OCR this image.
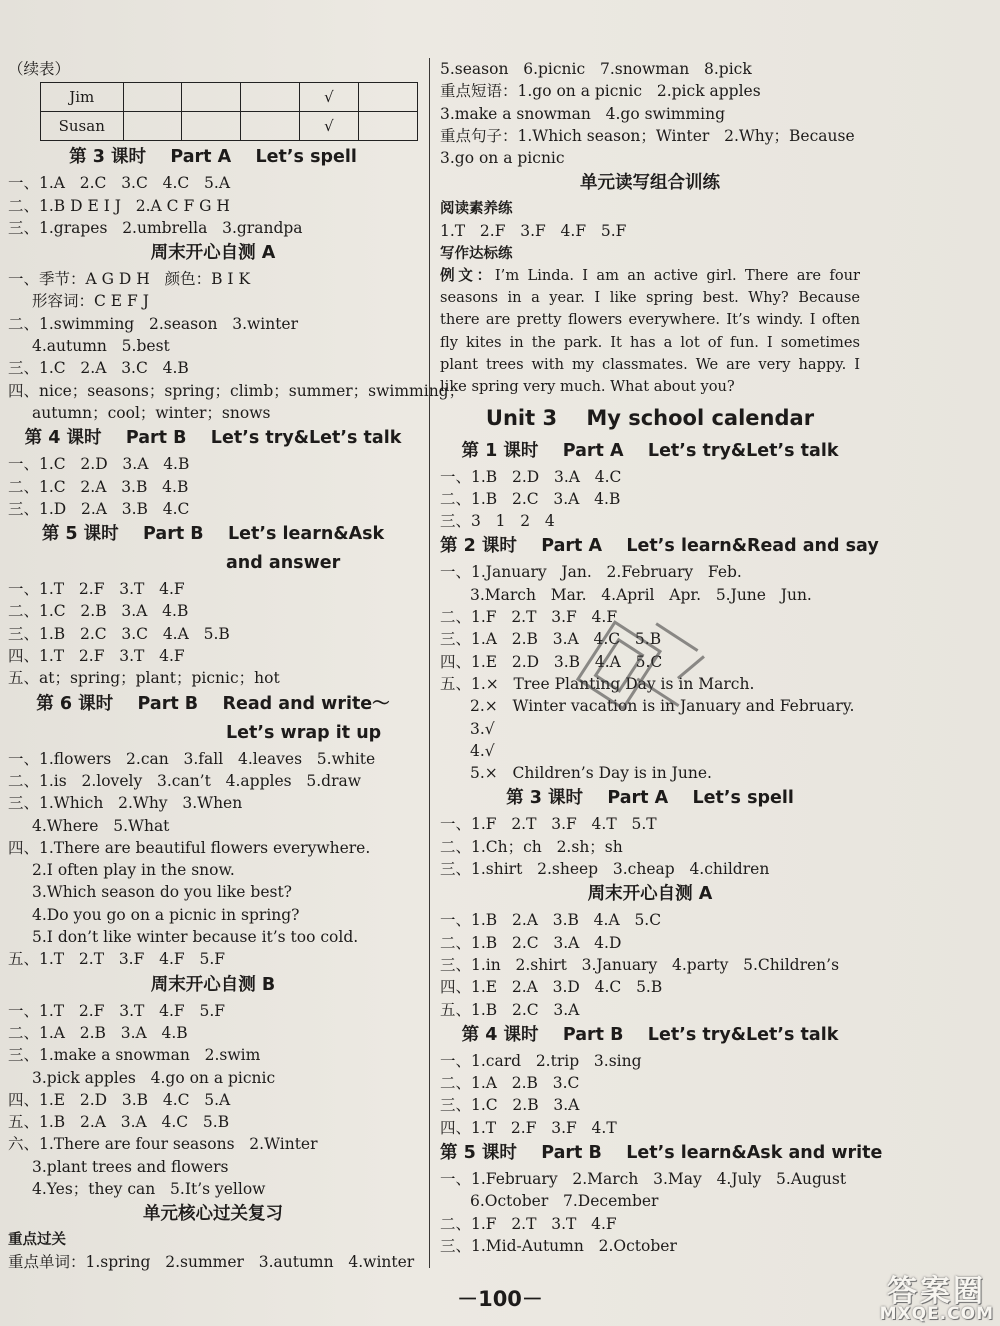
（续表）
Jim				√	
Susan				√	
第 3 课时    Part A    Let’s spell
一、1.A   2.C   3.C   4.C   5.A
二、1.B D E I J   2.A C F G H
三、1.grapes   2.umbrella   3.grandpa
周末开心自测 A
一、季节：A G D H   颜色：B I K
形容词：C E F J
二、1.swimming   2.season   3.winter
4.autumn   5.best
三、1.C   2.A   3.C   4.B
四、nice；seasons；spring；climb；summer；swimming；
autumn；cool；winter；snows
第 4 课时    Part B    Let’s try&Let’s talk
一、1.C   2.D   3.A   4.B
二、1.C   2.A   3.B   4.B
三、1.D   2.A   3.B   4.C
第 5 课时    Part B    Let’s learn&Ask
and answer
一、1.T   2.F   3.T   4.F
二、1.C   2.B   3.A   4.B
三、1.B   2.C   3.C   4.A   5.B
四、1.T   2.F   3.T   4.F
五、at；spring；plant；picnic；hot
第 6 课时    Part B    Read and write～
Let’s wrap it up
一、1.flowers   2.can   3.fall   4.leaves   5.white
二、1.is   2.lovely   3.can’t   4.apples   5.draw
三、1.Which   2.Why   3.When
4.Where   5.What
四、1.There are beautiful flowers everywhere.
2.I often play in the snow.
3.Which season do you like best?
4.Do you go on a picnic in spring?
5.I don’t like winter because it’s too cold.
五、1.T   2.T   3.F   4.F   5.F
周末开心自测 B
一、1.T   2.F   3.T   4.F   5.F
二、1.A   2.B   3.A   4.B
三、1.make a snowman   2.swim
3.pick apples   4.go on a picnic
四、1.E   2.D   3.B   4.C   5.A
五、1.B   2.A   3.A   4.C   5.B
六、1.There are four seasons   2.Winter
3.plant trees and flowers
4.Yes；they can   5.It’s yellow
单元核心过关复习
重点过关
重点单词：1.spring   2.summer   3.autumn   4.winter
5.season   6.picnic   7.snowman   8.pick
重点短语：1.go on a picnic   2.pick apples
3.make a snowman   4.go swimming
重点句子：1.Which season；Winter   2.Why；Because
3.go on a picnic
单元读写组合训练
阅读素养练
1.T   2.F   3.F   4.F   5.F
写作达标练
例文：I’m Linda. I am an active girl. There are four seasons in a year. I like spring best. Why? Because there are pretty flowers everywhere. It’s windy. I often fly kites in the park. It has a lot of fun. I sometimes plant trees with my classmates. We are very happy. I like spring very much. What about you?
Unit 3    My school calendar
第 1 课时    Part A    Let’s try&Let’s talk
一、1.B   2.D   3.A   4.C
二、1.B   2.C   3.A   4.B
三、3   1   2   4
第 2 课时    Part A    Let’s learn&Read and say
一、1.January   Jan.   2.February   Feb.
3.March   Mar.   4.April   Apr.   5.June   Jun.
二、1.F   2.T   3.F   4.F
三、1.A   2.B   3.A   4.C   5.B
四、1.E   2.D   3.B   4.A   5.C
五、1.×   Tree Planting Day is in March.
2.×   Winter vacation is in January and February.
3.√
4.√
5.×   Children’s Day is in June.
第 3 课时    Part A    Let’s spell
一、1.F   2.T   3.F   4.T   5.T
二、1.Ch；ch   2.sh；sh
三、1.shirt   2.sheep   3.cheap   4.children
周末开心自测 A
一、1.B   2.A   3.B   4.A   5.C
二、1.B   2.C   3.A   4.D
三、1.in   2.shirt   3.January   4.party   5.Children’s
四、1.E   2.A   3.D   4.C   5.B
五、1.B   2.C   3.A
第 4 课时    Part B    Let’s try&Let’s talk
一、1.card   2.trip   3.sing
二、1.A   2.B   3.C
三、1.C   2.B   3.A
四、1.T   2.F   3.F   4.T
第 5 课时    Part B    Let’s learn&Ask and write
一、1.February   2.March   3.May   4.July   5.August
6.October   7.December
二、1.F   2.T   3.T   4.F
三、1.Mid-Autumn   2.October
－100－	答案圈
MXQE.COM
